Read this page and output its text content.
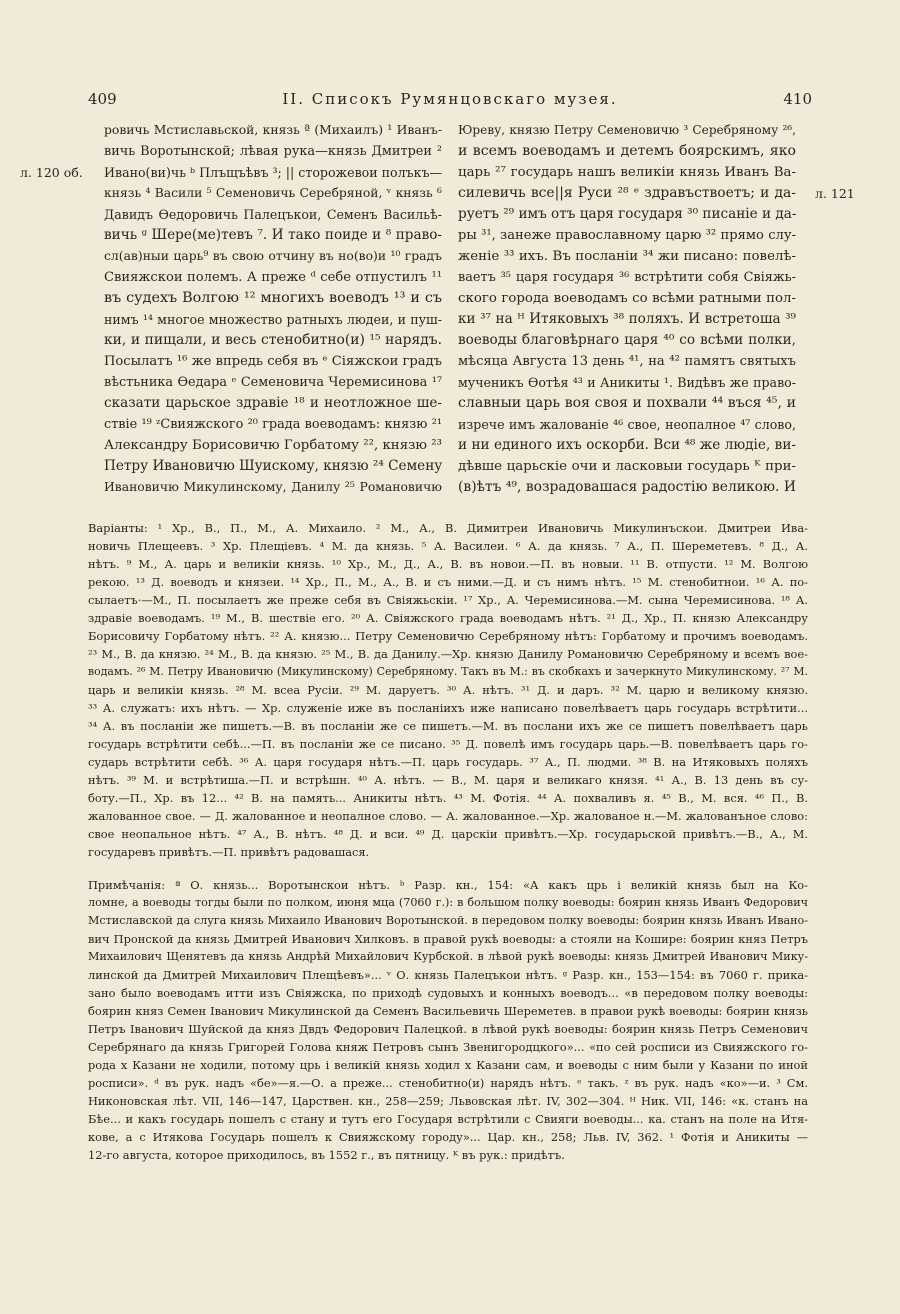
409	II. Списокъ Румянцовскаго музея.	410
л. 120 об.
л. 121
ровичь Мстиславьской, князь ª (Михаилъ) ¹ Иванъ-
вичь Воротынской; лѣвая рука—князь Дмитреи ²
Ивано(ви)чь ᵇ Плъщъѣвъ ³; || сторожевои полъкъ—
князь ⁴ Васили ⁵ Семеновичь Серебряной, ᵛ князь ⁶
Давидъ Ѳедоровичь Палецъкои, Семенъ Васильѣ-
вичь ᵍ Шере(ме)тевъ ⁷. И тако поиде и ⁸ право-
сл(ав)ныи царь⁹ въ свою отчину въ но(во)и ¹⁰ градъ
Свияжскои полемъ. А преже ᵈ себе отпустилъ ¹¹
въ судехъ Волгою ¹² многихъ воеводъ ¹³ и съ
нимъ ¹⁴ многое множество ратныхъ людеи, и пуш-
ки, и пищали, и весь стенобитно(и) ¹⁵ нарядъ.
Посылатъ ¹⁶ же впредь себя въ ᵉ Сіяжскои градъ
вѣстьника Ѳедара ᵉ Семеновича Черемисинова ¹⁷
сказати царьское здравіе ¹⁸ и неотложное ше-
ствіе ¹⁹ ᶻСвияжского ²⁰ града воеводамъ: князю ²¹
Александру Борисовичю Горбатому ²², князю ²³
Петру Ивановичю Шуискому, князю ²⁴ Семену
Ивановичю Микулинскому, Данилу ²⁵ Романовичю
Юреву, князю Петру Семеновичю ³ Серебряному ²⁶,
и всемъ воеводамъ и детемъ боярскимъ, яко
царь ²⁷ государь нашъ великіи князь Иванъ Ва-
силевичь все||я Руси ²⁸ ᵉ здравъствоетъ; и да-
руетъ ²⁹ имъ отъ царя государя ³⁰ писаніе и да-
ры ³¹, занеже православному царю ³² прямо слу-
женіе ³³ ихъ. Въ посланіи ³⁴ жи писано: повелѣ-
ваетъ ³⁵ царя государя ³⁶ встрѣтити собя Свіяжь-
ского города воеводамъ со всѣми ратными пол-
ки ³⁷ на ᴴ Итяковыхъ ³⁸ поляхъ. И встретоша ³⁹
воеводы благовѣрнаго царя ⁴⁰ со всѣми полки,
мѣсяца Августа 13 день ⁴¹, на ⁴² памятъ святыхъ
мученикъ Ѳотѣя ⁴³ и Аникиты ¹. Видѣвъ же право-
славныи царь воя своя и похвали ⁴⁴ въся ⁴⁵, и
изрече имъ жалованіе ⁴⁶ свое, неопалное ⁴⁷ слово,
и ни единого ихъ оскорби. Вси ⁴⁸ же людіе, ви-
дѣвше царьскіе очи и ласковыи государь ᴷ при-
(в)ѣтъ ⁴⁹, возрадовашася радостію великою. И
Варіанты: ¹ Хр., В., П., М., А. Михаило. ² М., А., В. Димитреи Ивановичь Микулинъскои. Дмитреи Ива-
новичь Плещеевъ. ³ Хр. Плещіевъ. ⁴ М. да князь. ⁵ А. Василеи. ⁶ А. да князь. ⁷ А., П. Шереметевъ. ⁸ Д., А.
нѣтъ. ⁹ М., А. царь и великіи князь. ¹⁰ Хр., М., Д., А., В. въ новои.—П. въ новыи. ¹¹ В. отпусти. ¹² М. Волгою
рекою. ¹³ Д. воеводъ и князеи. ¹⁴ Хр., П., М., А., В. и съ ними.—Д. и съ нимъ нѣтъ. ¹⁵ М. стенобитнои. ¹⁶ А. по-
сылаетъ·—М., П. посылаетъ же преже себя въ Свіяжьскіи. ¹⁷ Хр., А. Черемисинова.—М. сына Черемисинова. ¹⁸ А.
здравіе воеводамъ. ¹⁹ М., В. шествіе его. ²⁰ А. Свіяжского града воеводамъ нѣтъ. ²¹ Д., Хр., П. князю Александру
Борисовичу Горбатому нѣтъ. ²² А. князю... Петру Семеновичю Серебряному нѣтъ: Горбатому и прочимъ воеводамъ.
²³ М., В. да князю. ²⁴ М., В. да князю. ²⁵ М., В. да Данилу.—Хр. князю Данилу Романовичю Серебряному и всемъ вое-
водамъ. ²⁶ М. Петру Ивановичю (Микулинскому) Серебряному. Такъ въ М.: въ скобкахъ и зачеркнуто Микулинскому. ²⁷ М.
царь и великіи князь. ²⁸ М. всеа Русіи. ²⁹ М. даруетъ. ³⁰ А. нѣтъ. ³¹ Д. и даръ. ³² М. царю и великому князю.
³³ А. служатъ: ихъ нѣтъ. — Хр. служеніе иже въ посланіихъ иже написано повелѣваетъ царь государь встрѣтити...
³⁴ А. въ посланіи же пишетъ.—В. въ посланіи же се пишетъ.—М. въ послани ихъ же се пишетъ повелѣваетъ царь
государь встрѣтити себѣ...—П. въ посланіи же се писано. ³⁵ Д. повелѣ имъ государь царь.—В. повелѣваетъ царь го-
сударь встрѣтити себѣ. ³⁶ А. царя государя нѣтъ.—П. царь государь. ³⁷ А., П. людми. ³⁸ В. на Итяковыхъ поляхъ
нѣтъ. ³⁹ М. и встрѣтиша.—П. и встрѣшн. ⁴⁰ А. нѣтъ. — В., М. царя и великаго князя. ⁴¹ А., В. 13 день въ су-
боту.—П., Хр. въ 12... ⁴² В. на память... Аникиты нѣтъ. ⁴³ М. Фотія. ⁴⁴ А. похваливъ я. ⁴⁵ В., М. вся. ⁴⁶ П., В.
жалованное свое. — Д. жалованное и неопалное слово. — А. жалованное.—Хр. жалованое н.—М. жалованъное слово:
свое неопальное нѣтъ. ⁴⁷ А., В. нѣтъ. ⁴⁸ Д. и вси. ⁴⁹ Д. царскіи привѣтъ.—Хр. государьской привѣтъ.—В., А., М.
государевъ привѣтъ.—П. привѣтъ радовашася.
Примѣчанія: ª О. князь... Воротынскои нѣтъ. ᵇ Разр. кн., 154: «А какъ црь і великій князь был на Ко-
ломне, а воеводы тогды были по полком, июня мца (7060 г.): в большом полку воеводы: боярин князь Иванъ Федорович
Мстиславской да слуга князь Михаило Иванович Воротынской. в передовом полку воеводы: боярин князь Иванъ Ивано-
вич Пронской да князь Дмитрей Иванович Хилковъ. в правой рукѣ воеводы: а стояли на Кошире: боярин княз Петръ
Михаилович Щенятевъ да князь Андрѣй Михайлович Курбской. в лѣвой рукѣ воеводы: князь Дмитрей Иванович Мику-
линской да Дмитрей Михаилович Плещѣевъ»... ᵛ О. князь Палецъкои нѣтъ. ᵍ Разр. кн., 153—154: въ 7060 г. прика-
зано было воеводамъ итти изъ Свіяжска, по приходѣ судовыхъ и конныхъ воеводъ... «в передовом полку воеводы:
боярин княз Семен Іванович Микулинской да Семенъ Васильевичь Шереметев. в правои рукѣ воеводы: боярин князь
Петръ Іванович Шуйской да княз Двдъ Федорович Палецкой. в лѣвой рукѣ воеводы: боярин князь Петръ Семенович
Серебрянаго да князь Григорей Голова княж Петровъ сынъ Звенигородцкого»... «по сей росписи из Свияжского го-
рода х Казани не ходили, потому црь і великій князь ходил х Казани сам, и воеводы с ним были у Казани по иной
росписи». ᵈ въ рук. надъ «бе»—я.—О. а преже... стенобитно(и) нарядъ нѣтъ. ᵉ такъ. ᶻ въ рук. надъ «ко»—и. ³ См.
Никоновская лѣт. VII, 146—147, Царствен. кн., 258—259; Львовская лѣт. IV, 302—304. ᴴ Ник. VII, 146: «к. станъ на
Бѣе... и какъ государь пошелъ с стану и тутъ его Государя встрѣтили с Свияги воеводы... ка. станъ на поле на Итя-
кове, а с Итякова Государь пошелъ к Свияжскому городу»... Цар. кн., 258; Льв. IV, 362. ¹ Фотія и Аникиты —
12-го августа, которое приходилось, въ 1552 г., въ пятницу. ᴷ въ рук.: придѣтъ.
